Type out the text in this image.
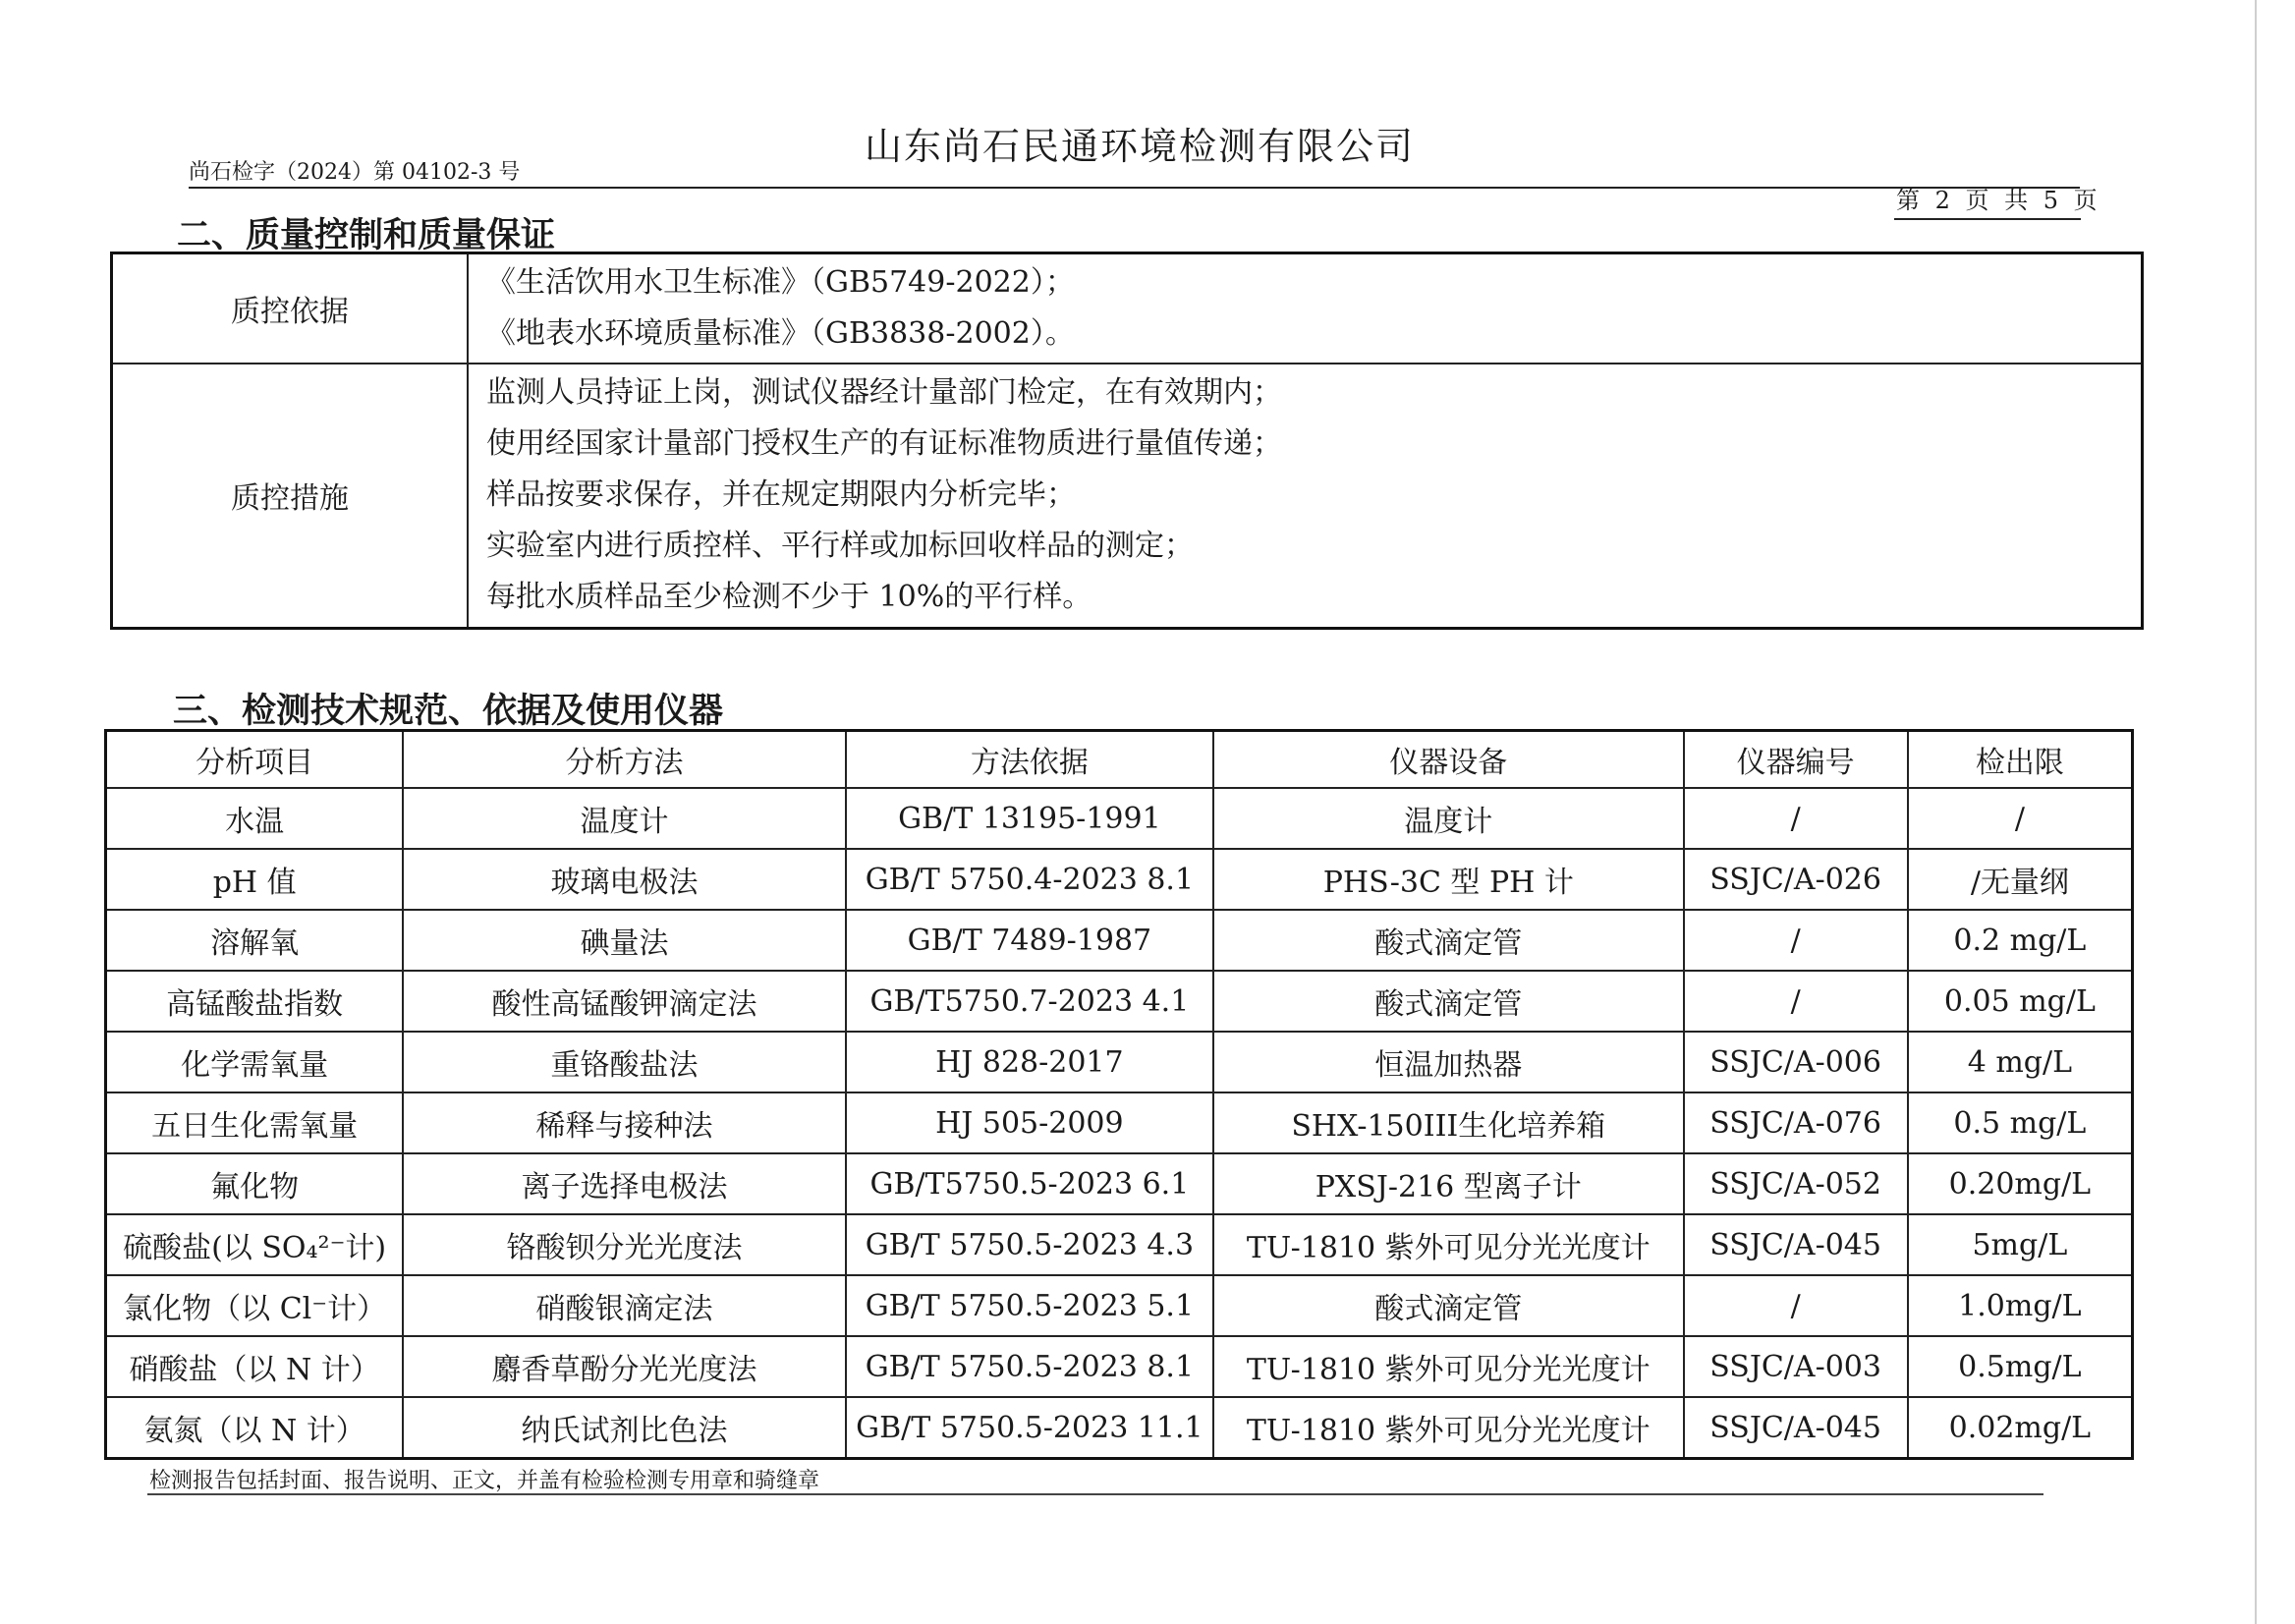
山东尚石民通环境检测有限公司
尚石检字（2024）第 04102-3 号
第 2 页 共 5 页
二、质量控制和质量保证
质控依据	《生活饮用水卫生标准》（GB5749-2022）；
《地表水环境质量标准》（GB3838-2002）。

质控措施	监测人员持证上岗，测试仪器经计量部门检定，在有效期内；
使用经国家计量部门授权生产的有证标准物质进行量值传递；
样品按要求保存，并在规定期限内分析完毕；
实验室内进行质控样、平行样或加标回收样品的测定；
每批水质样品至少检测不少于 10%的平行样。
三、检测技术规范、依据及使用仪器
分析项目	分析方法	方法依据	仪器设备	仪器编号	检出限
水温	温度计	GB/T 13195-1991	温度计	/	/
pH 值	玻璃电极法	GB/T 5750.4-2023 8.1	PHS-3C 型 PH 计	SSJC/A-026	/无量纲
溶解氧	碘量法	GB/T 7489-1987	酸式滴定管	/	0.2 mg/L
高锰酸盐指数	酸性高锰酸钾滴定法	GB/T5750.7-2023 4.1	酸式滴定管	/	0.05 mg/L
化学需氧量	重铬酸盐法	HJ 828-2017	恒温加热器	SSJC/A-006	4 mg/L
五日生化需氧量	稀释与接种法	HJ 505-2009	SHX-150III生化培养箱	SSJC/A-076	0.5 mg/L
氟化物	离子选择电极法	GB/T5750.5-2023 6.1	PXSJ-216 型离子计	SSJC/A-052	0.20mg/L
硫酸盐(以 SO₄²⁻计)	铬酸钡分光光度法	GB/T 5750.5-2023 4.3	TU-1810 紫外可见分光光度计	SSJC/A-045	5mg/L
氯化物（以 Cl⁻计）	硝酸银滴定法	GB/T 5750.5-2023 5.1	酸式滴定管	/	1.0mg/L
硝酸盐（以 N 计）	麝香草酚分光光度法	GB/T 5750.5-2023 8.1	TU-1810 紫外可见分光光度计	SSJC/A-003	0.5mg/L
氨氮（以 N 计）	纳氏试剂比色法	GB/T 5750.5-2023 11.1	TU-1810 紫外可见分光光度计	SSJC/A-045	0.02mg/L
检测报告包括封面、报告说明、正文，并盖有检验检测专用章和骑缝章
